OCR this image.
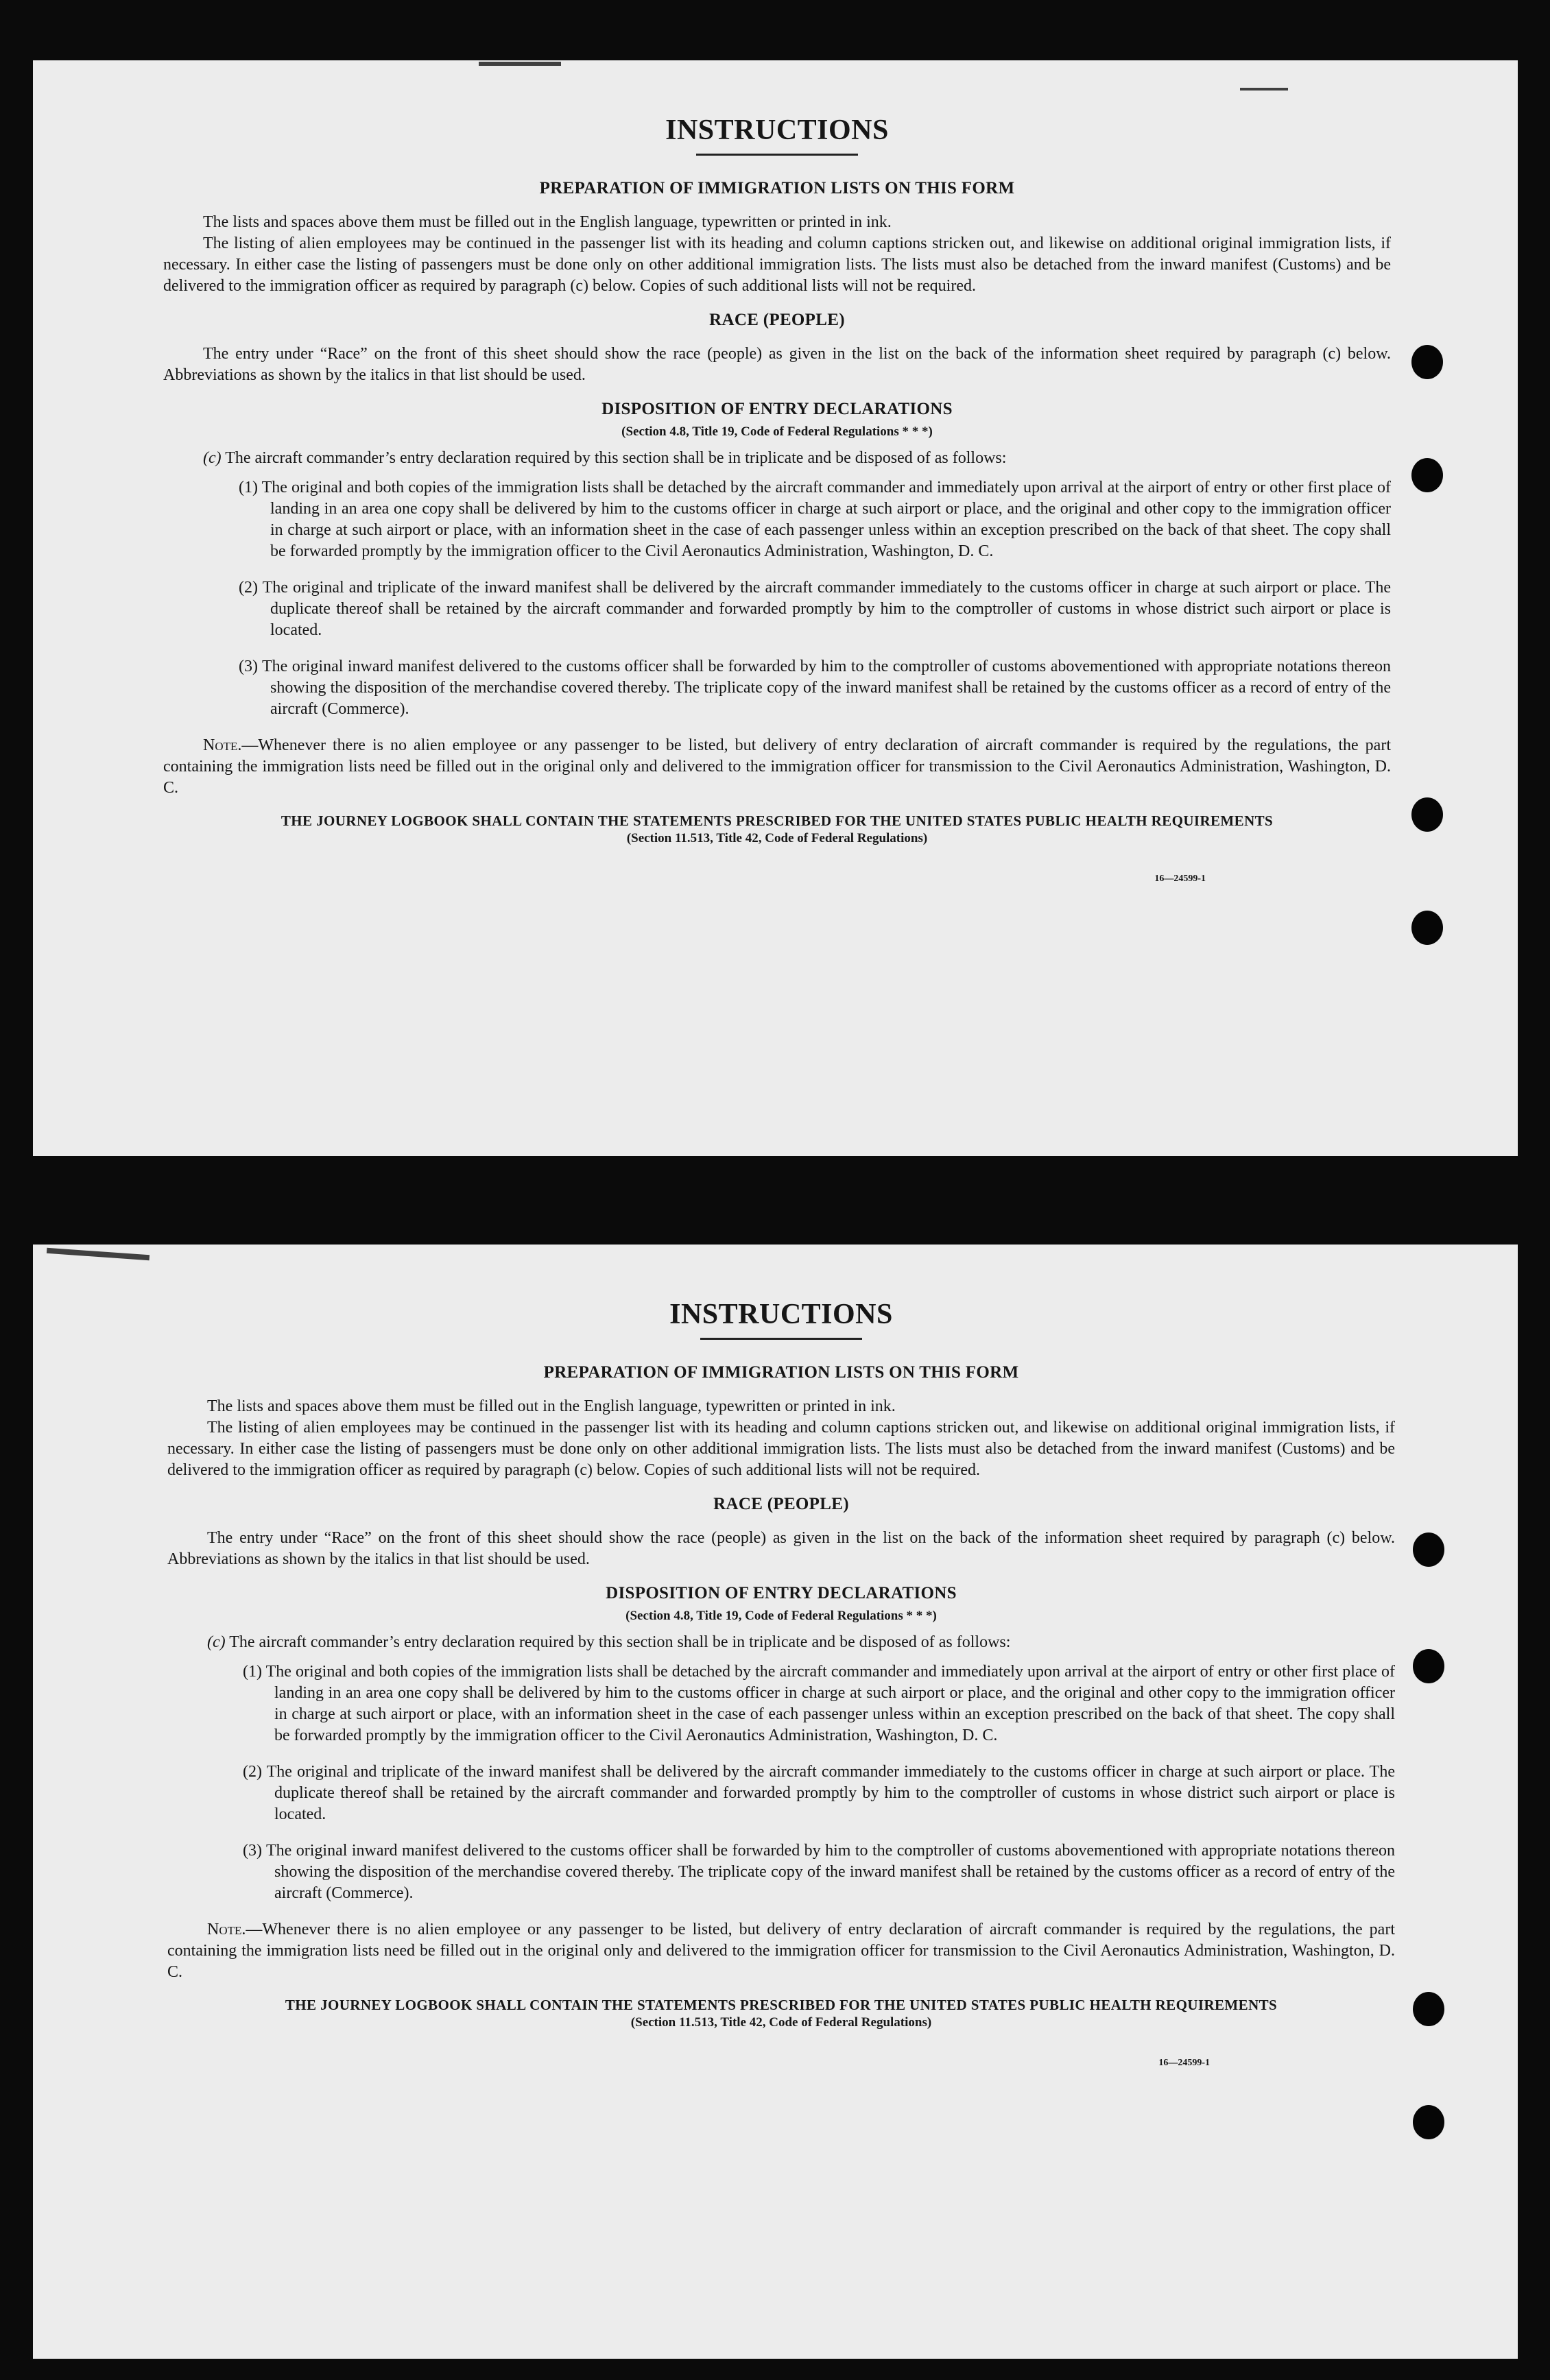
INSTRUCTIONS
PREPARATION OF IMMIGRATION LISTS ON THIS FORM

The lists and spaces above them must be filled out in the English language, typewritten or printed in ink.

The listing of alien employees may be continued in the passenger list with its heading and column captions stricken out, and likewise on additional original immigration lists, if necessary. In either case the listing of passengers must be done only on other additional immigration lists. The lists must also be detached from the inward manifest (Customs) and be delivered to the immigration officer as required by paragraph (c) below. Copies of such additional lists will not be required.

RACE (PEOPLE)

The entry under “Race” on the front of this sheet should show the race (people) as given in the list on the back of the information sheet required by paragraph (c) below. Abbreviations as shown by the italics in that list should be used.

DISPOSITION OF ENTRY DECLARATIONS
(Section 4.8, Title 19, Code of Federal Regulations * * *)

(c) The aircraft commander’s entry declaration required by this section shall be in triplicate and be disposed of as follows:

(1) The original and both copies of the immigration lists shall be detached by the aircraft commander and immediately upon arrival at the airport of entry or other first place of landing in an area one copy shall be delivered by him to the customs officer in charge at such airport or place, and the original and other copy to the immigration officer in charge at such airport or place, with an information sheet in the case of each passenger unless within an exception prescribed on the back of that sheet. The copy shall be forwarded promptly by the immigration officer to the Civil Aeronautics Administration, Washington, D. C.

(2) The original and triplicate of the inward manifest shall be delivered by the aircraft commander immediately to the customs officer in charge at such airport or place. The duplicate thereof shall be retained by the aircraft commander and forwarded promptly by him to the comptroller of customs in whose district such airport or place is located.

(3) The original inward manifest delivered to the customs officer shall be forwarded by him to the comptroller of customs abovementioned with appropriate notations thereon showing the disposition of the merchandise covered thereby. The triplicate copy of the inward manifest shall be retained by the customs officer as a record of entry of the aircraft (Commerce).

Note.—Whenever there is no alien employee or any passenger to be listed, but delivery of entry declaration of aircraft commander is required by the regulations, the part containing the immigration lists need be filled out in the original only and delivered to the immigration officer for transmission to the Civil Aeronautics Administration, Washington, D. C.

THE JOURNEY LOGBOOK SHALL CONTAIN THE STATEMENTS PRESCRIBED FOR THE UNITED STATES PUBLIC HEALTH REQUIREMENTS

(Section 11.513, Title 42, Code of Federal Regulations)

16—24599-1
INSTRUCTIONS
PREPARATION OF IMMIGRATION LISTS ON THIS FORM

The lists and spaces above them must be filled out in the English language, typewritten or printed in ink.

The listing of alien employees may be continued in the passenger list with its heading and column captions stricken out, and likewise on additional original immigration lists, if necessary. In either case the listing of passengers must be done only on other additional immigration lists. The lists must also be detached from the inward manifest (Customs) and be delivered to the immigration officer as required by paragraph (c) below. Copies of such additional lists will not be required.

RACE (PEOPLE)

The entry under “Race” on the front of this sheet should show the race (people) as given in the list on the back of the information sheet required by paragraph (c) below. Abbreviations as shown by the italics in that list should be used.

DISPOSITION OF ENTRY DECLARATIONS
(Section 4.8, Title 19, Code of Federal Regulations * * *)

(c) The aircraft commander’s entry declaration required by this section shall be in triplicate and be disposed of as follows:

(1) The original and both copies of the immigration lists shall be detached by the aircraft commander and immediately upon arrival at the airport of entry or other first place of landing in an area one copy shall be delivered by him to the customs officer in charge at such airport or place, and the original and other copy to the immigration officer in charge at such airport or place, with an information sheet in the case of each passenger unless within an exception prescribed on the back of that sheet. The copy shall be forwarded promptly by the immigration officer to the Civil Aeronautics Administration, Washington, D. C.

(2) The original and triplicate of the inward manifest shall be delivered by the aircraft commander immediately to the customs officer in charge at such airport or place. The duplicate thereof shall be retained by the aircraft commander and forwarded promptly by him to the comptroller of customs in whose district such airport or place is located.

(3) The original inward manifest delivered to the customs officer shall be forwarded by him to the comptroller of customs abovementioned with appropriate notations thereon showing the disposition of the merchandise covered thereby. The triplicate copy of the inward manifest shall be retained by the customs officer as a record of entry of the aircraft (Commerce).

Note.—Whenever there is no alien employee or any passenger to be listed, but delivery of entry declaration of aircraft commander is required by the regulations, the part containing the immigration lists need be filled out in the original only and delivered to the immigration officer for transmission to the Civil Aeronautics Administration, Washington, D. C.

THE JOURNEY LOGBOOK SHALL CONTAIN THE STATEMENTS PRESCRIBED FOR THE UNITED STATES PUBLIC HEALTH REQUIREMENTS

(Section 11.513, Title 42, Code of Federal Regulations)

16—24599-1
